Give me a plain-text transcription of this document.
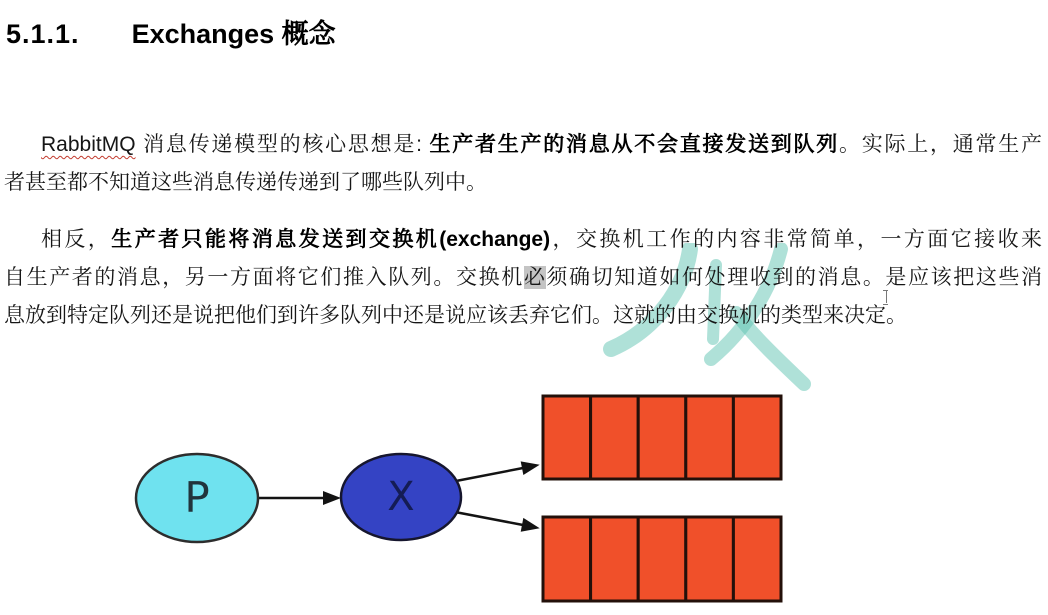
5.1.1. Exchanges 概念
RabbitMQ 消息传递模型的核心思想是: 生产者生产的消息从不会直接发送到队列。实际上，通常生产
者甚至都不知道这些消息传递传递到了哪些队列中。
相反，生产者只能将消息发送到交换机(exchange)，交换机工作的内容非常简单，一方面它接收来
自生产者的消息，另一方面将它们推入队列。交换机必须确切知道如何处理收到的消息。是应该把这些消
息放到特定队列还是说把他们到许多队列中还是说应该丢弃它们。这就的由交换机的类型来决定。
P	X
